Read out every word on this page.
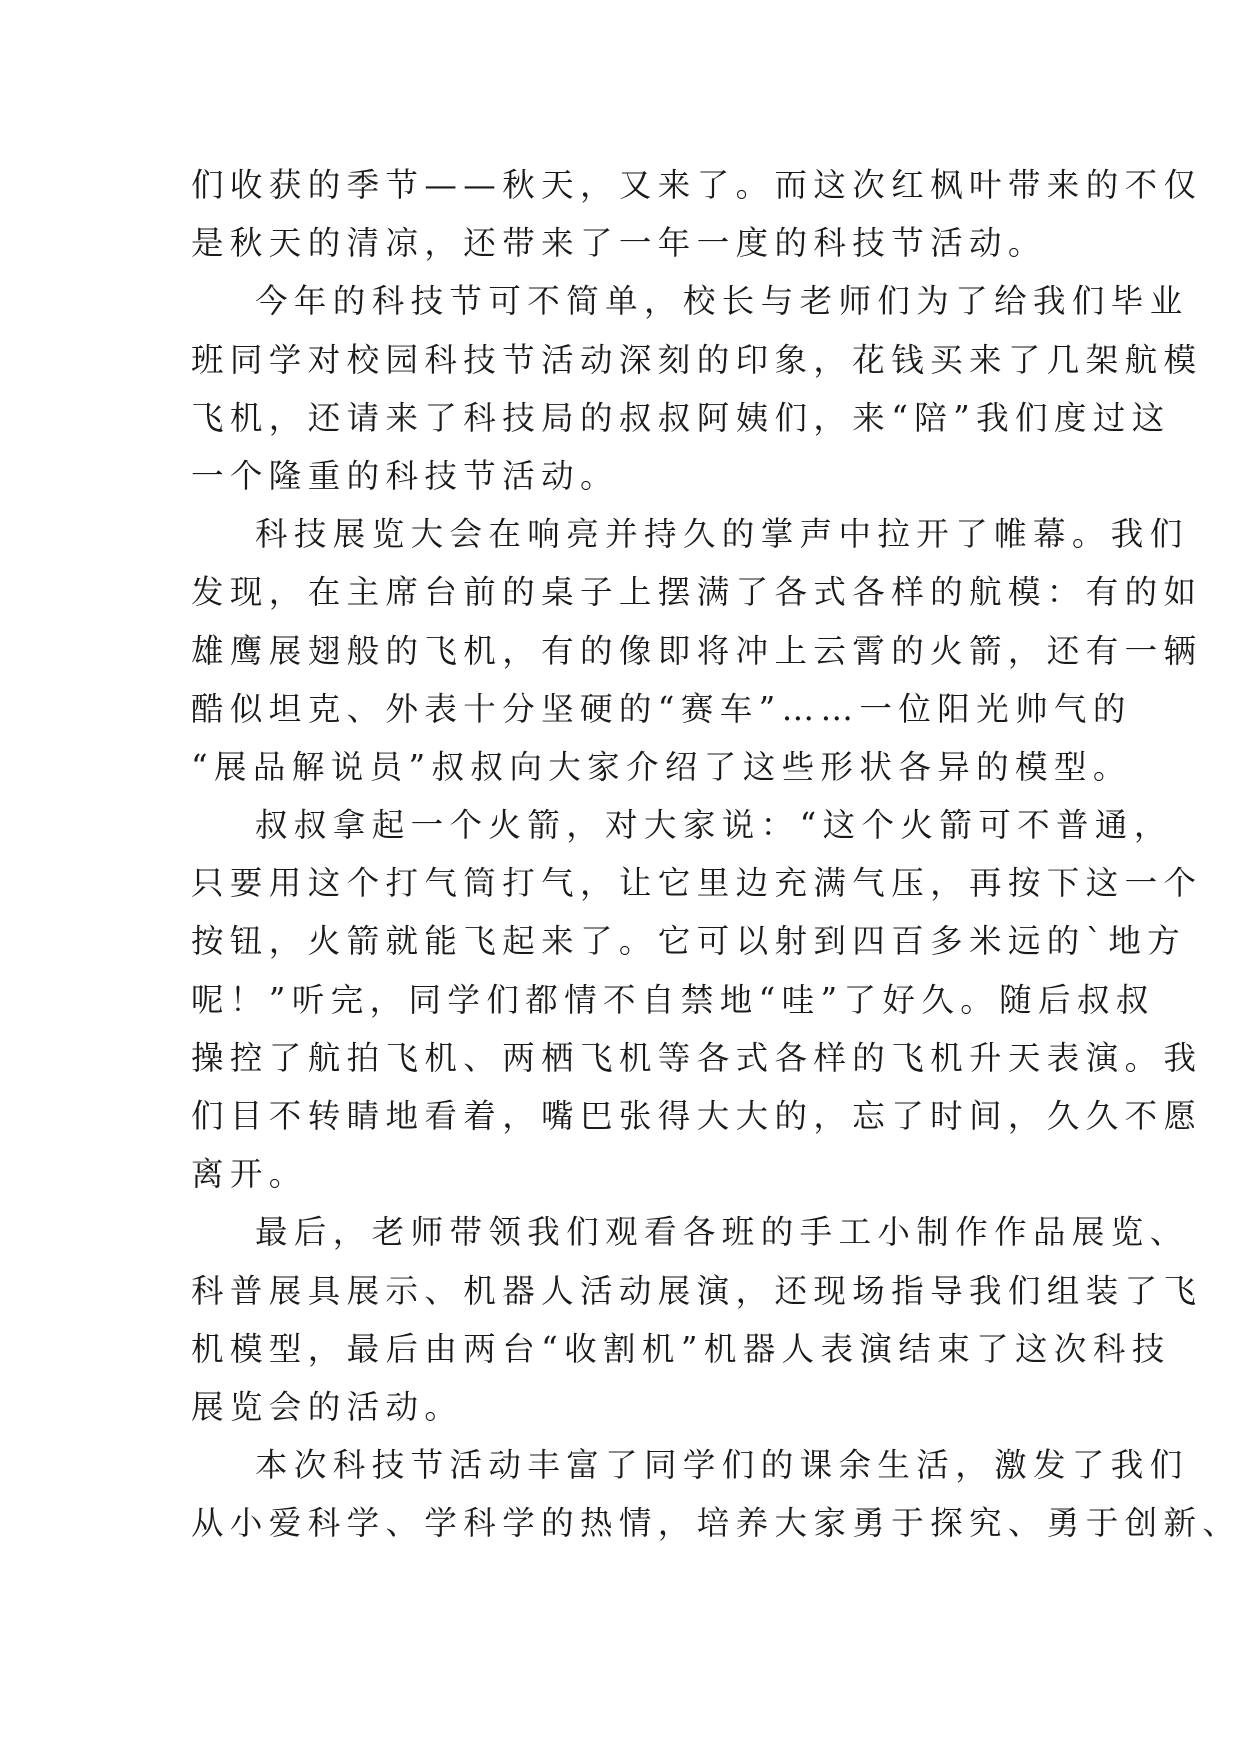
们收获的季节——秋天，又来了。而这次红枫叶带来的不仅
是秋天的清凉，还带来了一年一度的科技节活动。
今年的科技节可不简单，校长与老师们为了给我们毕业
班同学对校园科技节活动深刻的印象，花钱买来了几架航模
飞机，还请来了科技局的叔叔阿姨们，来“陪”我们度过这
一个隆重的科技节活动。
科技展览大会在响亮并持久的掌声中拉开了帷幕。我们
发现，在主席台前的桌子上摆满了各式各样的航模：有的如
雄鹰展翅般的飞机，有的像即将冲上云霄的火箭，还有一辆
酷似坦克、外表十分坚硬的“赛车”……一位阳光帅气的
“展品解说员”叔叔向大家介绍了这些形状各异的模型。
叔叔拿起一个火箭，对大家说：“这个火箭可不普通，
只要用这个打气筒打气，让它里边充满气压，再按下这一个
按钮，火箭就能飞起来了。它可以射到四百多米远的`地方
呢！”听完，同学们都情不自禁地“哇”了好久。随后叔叔
操控了航拍飞机、两栖飞机等各式各样的飞机升天表演。我
们目不转睛地看着，嘴巴张得大大的，忘了时间，久久不愿
离开。
最后，老师带领我们观看各班的手工小制作作品展览、
科普展具展示、机器人活动展演，还现场指导我们组装了飞
机模型，最后由两台“收割机”机器人表演结束了这次科技
展览会的活动。
本次科技节活动丰富了同学们的课余生活，激发了我们
从小爱科学、学科学的热情，培养大家勇于探究、勇于创新、
